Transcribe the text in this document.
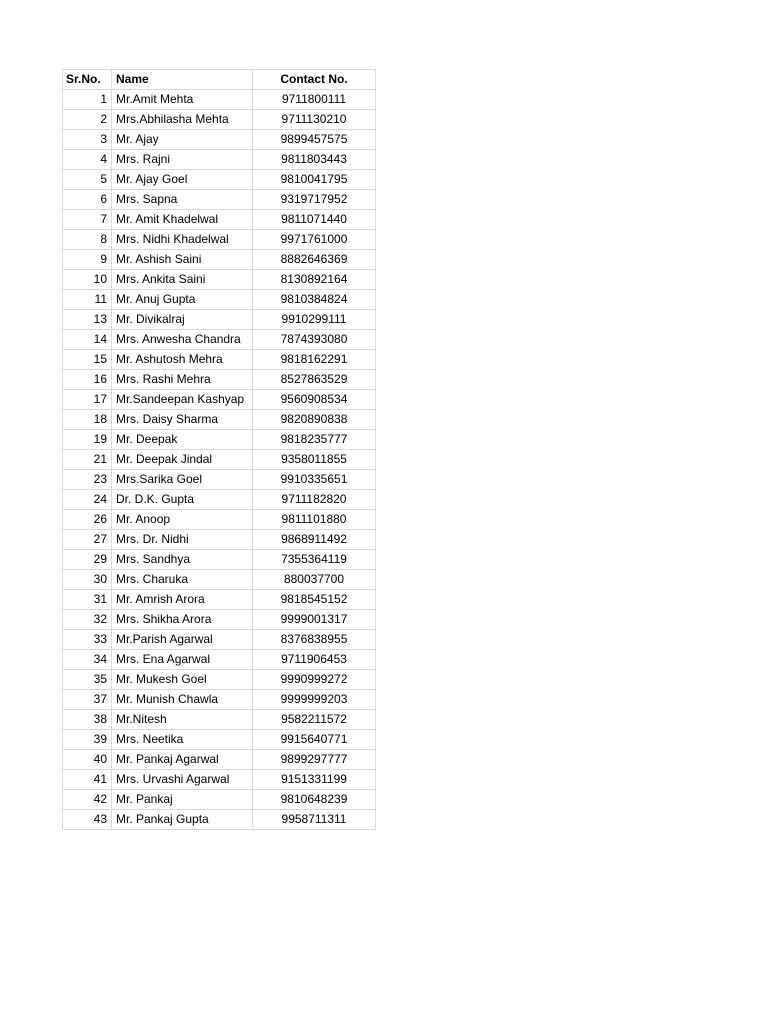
Sr.No.	Name	Contact No.
1	Mr.Amit Mehta	9711800111
2	Mrs.Abhilasha Mehta	9711130210
3	Mr. Ajay	9899457575
4	Mrs. Rajni	9811803443
5	Mr. Ajay Goel	9810041795
6	Mrs. Sapna	9319717952
7	Mr. Amit Khadelwal	9811071440
8	Mrs. Nidhi Khadelwal	9971761000
9	Mr. Ashish Saini	8882646369
10	Mrs. Ankita Saini	8130892164
11	Mr. Anuj Gupta	9810384824
13	Mr. Divikalraj	9910299111
14	Mrs. Anwesha Chandra	7874393080
15	Mr. Ashutosh Mehra	9818162291
16	Mrs. Rashi Mehra	8527863529
17	Mr.Sandeepan Kashyap	9560908534
18	Mrs. Daisy Sharma	9820890838
19	Mr. Deepak	9818235777
21	Mr. Deepak Jindal	9358011855
23	Mrs.Sarika Goel	9910335651
24	Dr. D.K. Gupta	9711182820
26	Mr. Anoop	9811101880
27	Mrs. Dr. Nidhi	9868911492
29	Mrs. Sandhya	7355364119
30	Mrs. Charuka	880037700
31	Mr. Amrish Arora	9818545152
32	Mrs. Shikha Arora	9999001317
33	Mr.Parish Agarwal	8376838955
34	Mrs. Ena Agarwal	9711906453
35	Mr. Mukesh Goel	9990999272
37	Mr. Munish Chawla	9999999203
38	Mr.Nitesh	9582211572
39	Mrs. Neetika	9915640771
40	Mr. Pankaj Agarwal	9899297777
41	Mrs. Urvashi Agarwal	9151331199
42	Mr. Pankaj	9810648239
43	Mr. Pankaj Gupta	9958711311
